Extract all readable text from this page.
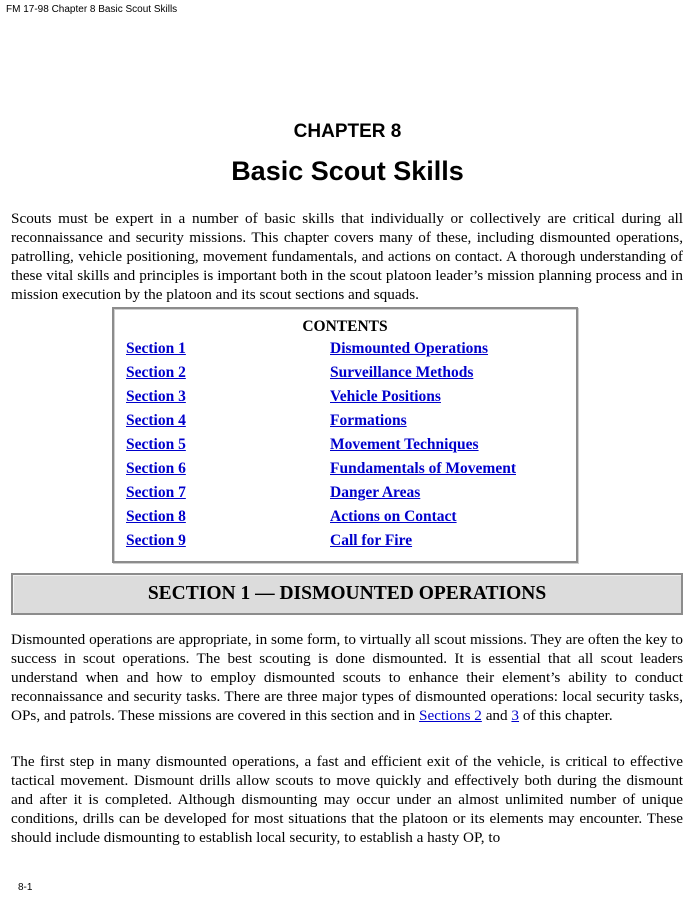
FM 17-98 Chapter 8 Basic Scout Skills
CHAPTER 8
Basic Scout Skills

Scouts must be expert in a number of basic skills that individually or collectively are critical during all reconnaissance and security missions. This chapter covers many of these, including dismounted operations, patrolling, vehicle positioning, movement fundamentals, and actions on contact. A thorough understanding of these vital skills and principles is important both in the scout platoon leader’s mission planning process and in mission execution by the platoon and its scout sections and squads.

CONTENTS
Section 1	Dismounted Operations
Section 2	Surveillance Methods
Section 3	Vehicle Positions
Section 4	Formations
Section 5	Movement Techniques
Section 6	Fundamentals of Movement
Section 7	Danger Areas
Section 8	Actions on Contact
Section 9	Call for Fire
SECTION 1 — DISMOUNTED OPERATIONS

Dismounted operations are appropriate, in some form, to virtually all scout missions. They are often the key to success in scout operations. The best scouting is done dismounted. It is essential that all scout leaders understand when and how to employ dismounted scouts to enhance their element’s ability to conduct reconnaissance and security tasks. There are three major types of dismounted operations: local security tasks, OPs, and patrols. These missions are covered in this section and in Sections 2 and 3 of this chapter.

The first step in many dismounted operations, a fast and efficient exit of the vehicle, is critical to effective tactical movement. Dismount drills allow scouts to move quickly and effectively both during the dismount and after it is completed. Although dismounting may occur under an almost unlimited number of unique conditions, drills can be developed for most situations that the platoon or its elements may encounter. These should include dismounting to establish local security, to establish a hasty OP, to

8-1
